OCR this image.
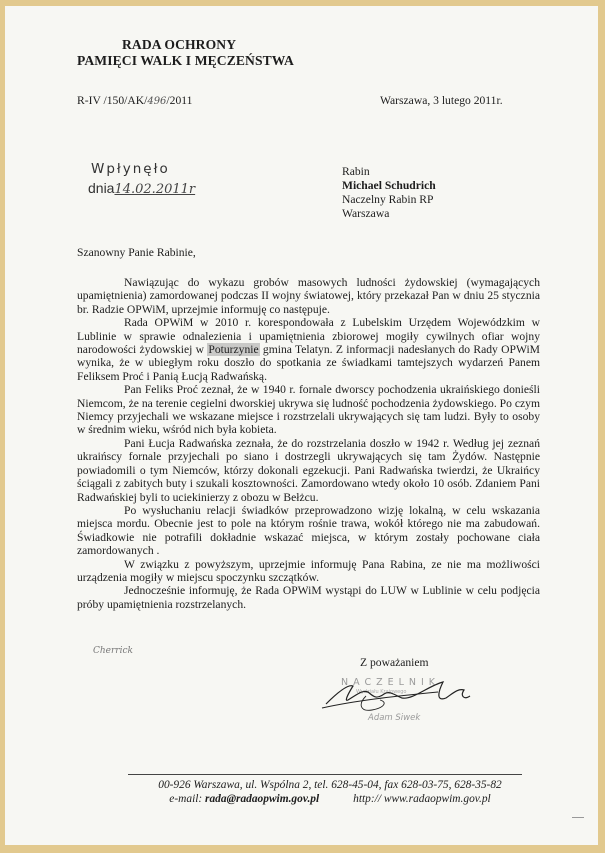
RADA OCHRONY
PAMIĘCI WALK I MĘCZEŃSTWA
R-IV /150/AK/496/2011	Warszawa, 3 lutego 2011r.
Wpłynęło
dnia14.02.2011r
Rabin
Michael Schudrich
Naczelny Rabin RP
Warszawa
Szanowny Panie Rabinie,

Nawiązując do wykazu grobów masowych ludności żydowskiej (wymagających upamiętnienia) zamordowanej podczas II wojny światowej, który przekazał Pan w dniu 25 stycznia br. Radzie OPWiM, uprzejmie informuję co następuje.

Rada OPWiM w 2010 r. korespondowała z Lubelskim Urzędem Wojewódzkim w Lublinie w sprawie odnalezienia i upamiętnienia zbiorowej mogiły cywilnych ofiar wojny narodowości żydowskiej w Poturzynie gmina Telatyn. Z informacji nadesłanych do Rady OPWiM wynika, że w ubiegłym roku doszło do spotkania ze świadkami tamtejszych wydarzeń Panem Feliksem Proć i Panią Łucją Radwańską.

Pan Feliks Proć zeznał, że w 1940 r. fornale dworscy pochodzenia ukraińskiego donieśli Niemcom, że na terenie cegielni dworskiej ukrywa się ludność pochodzenia żydowskiego. Po czym Niemcy przyjechali we wskazane miejsce i rozstrzelali ukrywających się tam ludzi. Były to osoby w średnim wieku, wśród nich była kobieta.

Pani Łucja Radwańska zeznała, że do rozstrzelania doszło w 1942 r. Według jej zeznań ukraińscy fornale przyjechali po siano i dostrzegli ukrywających się tam Żydów. Następnie powiadomili o tym Niemców, którzy dokonali egzekucji. Pani Radwańska twierdzi, że Ukraińcy ściągali z zabitych buty i szukali kosztowności. Zamordowano wtedy około 10 osób. Zdaniem Pani Radwańskiej byli to uciekinierzy z obozu w Bełżcu.

Po wysłuchaniu relacji świadków przeprowadzono wizję lokalną, w celu wskazania miejsca mordu. Obecnie jest to pole na którym rośnie trawa, wokół którego nie ma zabudowań. Świadkowie nie potrafili dokładnie wskazać miejsca, w którym zostały pochowane ciała zamordowanych .

W związku z powyższym, uprzejmie informuję Pana Rabina, ze nie ma możliwości urządzenia mogiły w miejscu spoczynku szczątków.

Jednocześnie informuję, że Rada OPWiM wystąpi do LUW w Lublinie w celu podjęcia próby upamiętnienia rozstrzelanych.

Cherrick
Z poważaniem
NACZELNIK
Wydziału Krajowego
Adam Siwek
00-926 Warszawa, ul. Wspólna 2, tel. 628-45-04, fax 628-03-75, 628-35-82
e-mail: rada@radaopwim.gov.pl	http:// www.radaopwim.gov.pl
